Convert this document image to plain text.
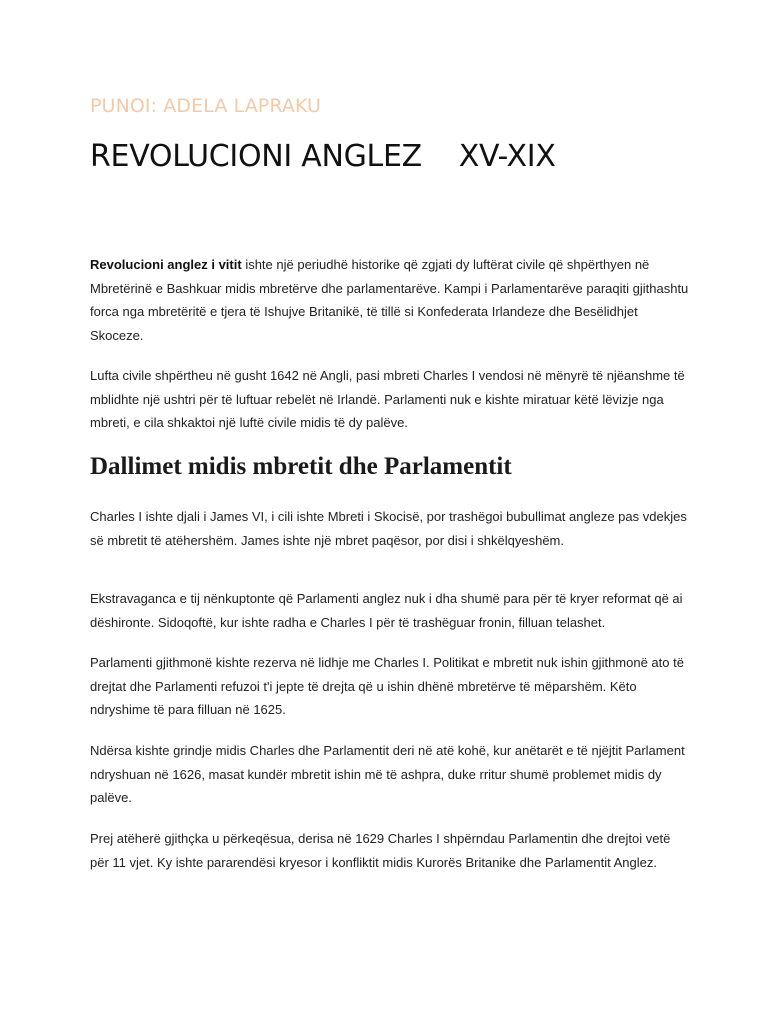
PUNOI: ADELA LAPRAKU
REVOLUCIONI ANGLEZ    XV-XIX
Revolucioni anglez i vitit ishte një periudhë historike që zgjati dy luftërat civile që shpërthyen në Mbretërinë e Bashkuar midis mbretërve dhe parlamentarëve. Kampi i Parlamentarëve paraqiti gjithashtu forca nga mbretëritë e tjera të Ishujve Britanikë, të tillë si Konfederata Irlandeze dhe Besëlidhjet Skoceze.
Lufta civile shpërtheu në gusht 1642 në Angli, pasi mbreti Charles I vendosi në mënyrë të njëanshme të mblidhte një ushtri për të luftuar rebelët në Irlandë. Parlamenti nuk e kishte miratuar këtë lëvizje nga mbreti, e cila shkaktoi një luftë civile midis të dy palëve.
Dallimet midis mbretit dhe Parlamentit
Charles I ishte djali i James VI, i cili ishte Mbreti i Skocisë, por trashëgoi bubullimat angleze pas vdekjes së mbretit të atëhershëm. James ishte një mbret paqësor, por disi i shkëlqyeshëm.
Ekstravaganca e tij nënkuptonte që Parlamenti anglez nuk i dha shumë para për të kryer reformat që ai dëshironte. Sidoqoftë, kur ishte radha e Charles I për të trashëguar fronin, filluan telashet.
Parlamenti gjithmonë kishte rezerva në lidhje me Charles I. Politikat e mbretit nuk ishin gjithmonë ato të drejtat dhe Parlamenti refuzoi t'i jepte të drejta që u ishin dhënë mbretërve të mëparshëm. Këto ndryshime të para filluan në 1625.
Ndërsa kishte grindje midis Charles dhe Parlamentit deri në atë kohë, kur anëtarët e të njëjtit Parlament ndryshuan në 1626, masat kundër mbretit ishin më të ashpra, duke rritur shumë problemet midis dy palëve.
Prej atëherë gjithçka u përkeqësua, derisa në 1629 Charles I shpërndau Parlamentin dhe drejtoi vetë për 11 vjet. Ky ishte pararendësi kryesor i konfliktit midis Kurorës Britanike dhe Parlamentit Anglez.
